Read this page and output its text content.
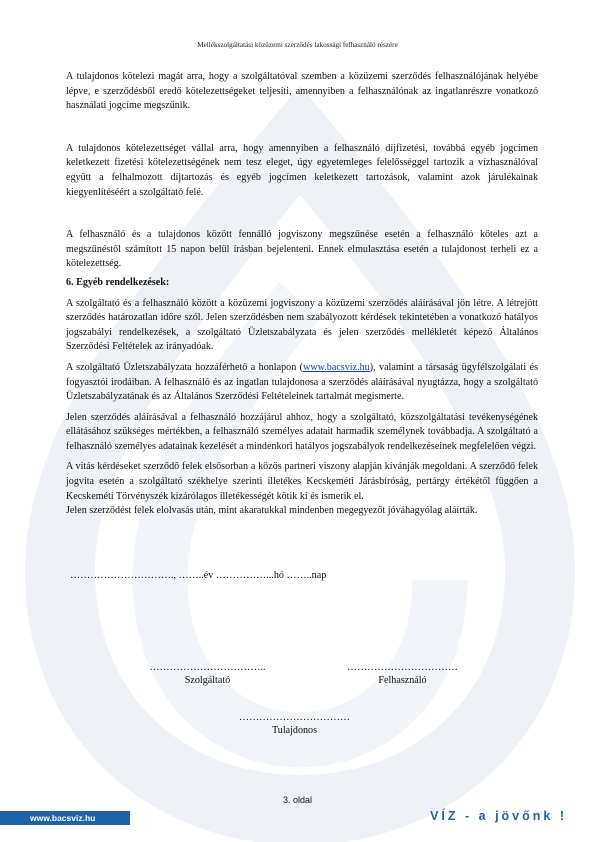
Mellékszolgáltatási közüzemi szerződés lakossági felhasználó részére

A tulajdonos kötelezi magát arra, hogy a szolgáltatóval szemben a közüzemi szerződés felhasználójának helyébe lépve, e szerződésből eredő kötelezettségeket teljesíti, amennyiben a felhasználónak az ingatlanrészre vonatkozó használati jogcíme megszűnik.

A tulajdonos kötelezettséget vállal arra, hogy amennyiben a felhasználó díjfizetési, továbbá egyéb jogcímen keletkezett fizetési kötelezettségének nem tesz eleget, úgy egyetemleges felelősséggel tartozik a vízhasználóval együtt a felhalmozott díjtartozás és egyéb jogcímen keletkezett tartozások, valamint azok járulékainak kiegyenlítéséért a szolgáltató felé.

A felhasználó és a tulajdonos között fennálló jogviszony megszűnése esetén a felhasználó köteles azt a megszűnéstől számított 15 napon belül írásban bejelenteni. Ennek elmulasztása esetén a tulajdonost terheli ez a kötelezettség.

6. Egyéb rendelkezések:

A szolgáltató és a felhasználó között a közüzemi jogviszony a közüzemi szerződés aláírásával jön létre. A létrejött szerződés határozatlan időre szól. Jelen szerződésben nem szabályozott kérdések tekintetében a vonatkozó hatályos jogszabályi rendelkezések, a szolgáltató Üzletszabályzata és jelen szerződés mellékletét képező Általános Szerződési Feltételek az irányadóak.

A szolgáltató Üzletszabályzata hozzáférhető a honlapon (www.bacsviz.hu), valamint a társaság ügyfélszolgálati és fogyasztói irodáiban. A felhasználó és az ingatlan tulajdonosa a szerződés aláírásával nyugtázza, hogy a szolgáltató Üzletszabályzatának és az Általános Szerződési Feltételeinek tartalmát megismerte.

Jelen szerződés aláírásával a felhasználó hozzájárul ahhoz, hogy a szolgáltató, közszolgáltatási tevékenységének ellátásához szükséges mértékben, a felhasználó személyes adatait harmadik személynek továbbadja. A szolgáltató a felhasználó személyes adatainak kezelését a mindenkori hatályos jogszabályok rendelkezéseinek megfelelően végzi.

A vitás kérdéseket szerződő felek elsősorban a közös partneri viszony alapján kívánják megoldani. A szerződő felek jogvita esetén a szolgáltató székhelye szerinti illetékes Kecskeméti Járásbíróság, pertárgy értékétől függően a Kecskeméti Törvényszék kizárólagos illetékességét kötik ki és ismerik el.

Jelen szerződést felek elolvasás után, mint akaratukkal mindenben megegyezőt jóváhagyólag aláírták.

…………………………., ……..év ……………...hó ……..nap
……………………………..
Szolgáltató
……………………………
Felhasználó
……………………………
Tulajdonos
3. oldal
www.bacsviz.hu	VÍZ - a jövőnk !
